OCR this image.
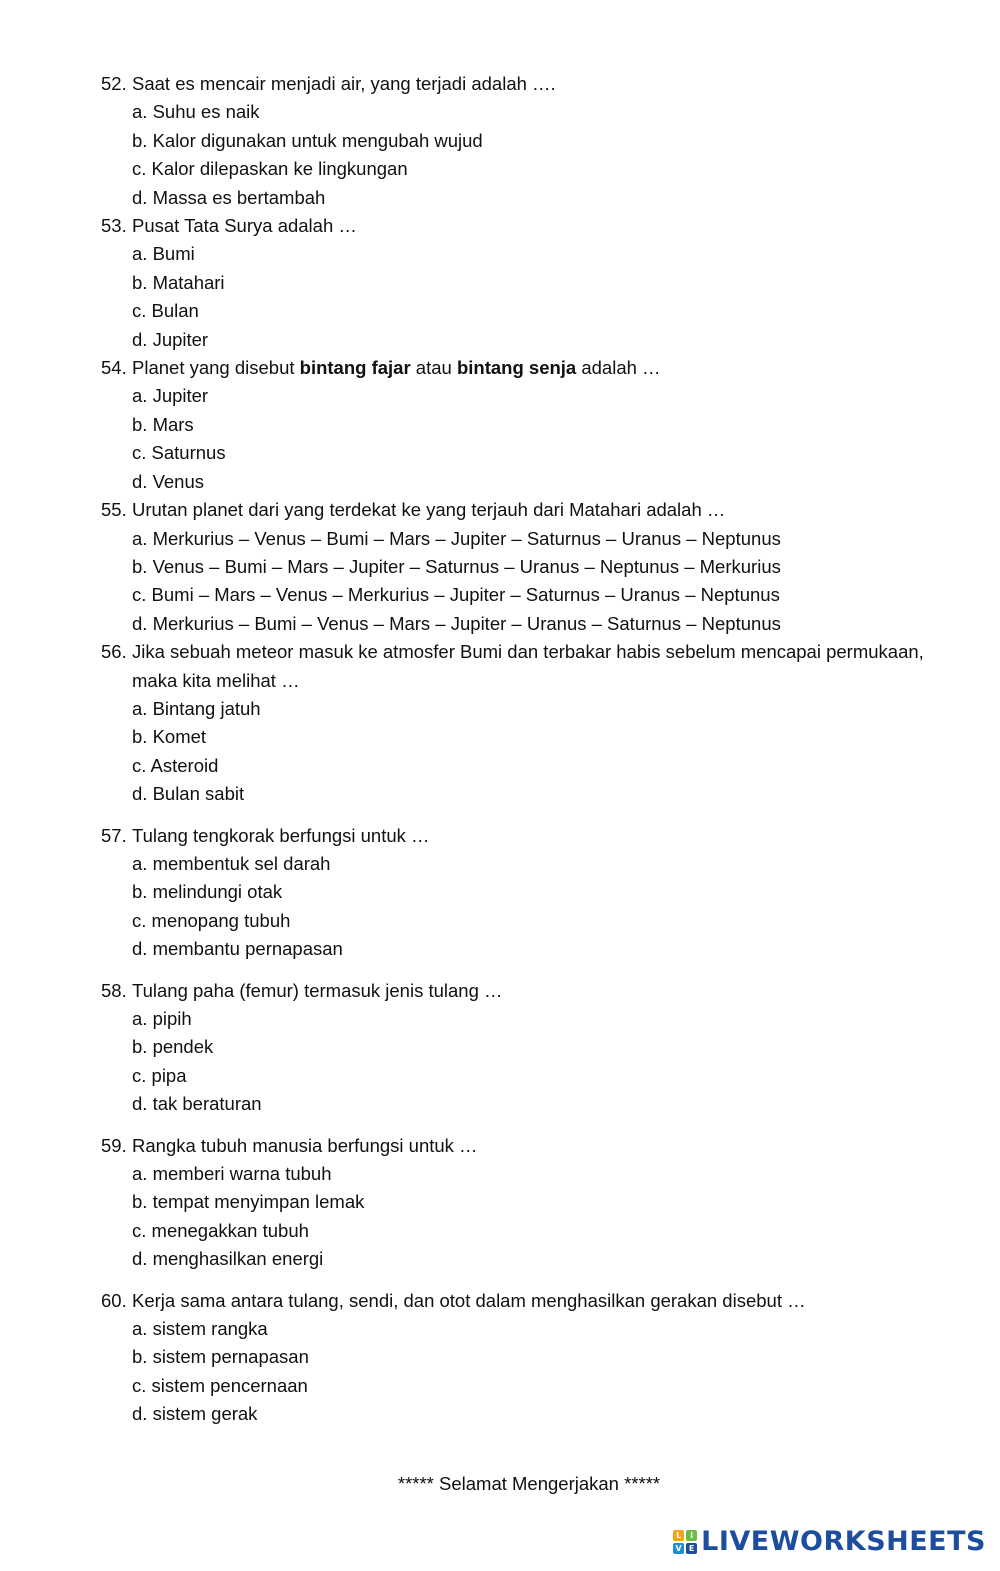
52. Saat es mencair menjadi air, yang terjadi adalah ….
a. Suhu es naik
b. Kalor digunakan untuk mengubah wujud
c. Kalor dilepaskan ke lingkungan
d. Massa es bertambah
53. Pusat Tata Surya adalah …
a. Bumi
b. Matahari
c. Bulan
d. Jupiter
54. Planet yang disebut bintang fajar atau bintang senja adalah …
a. Jupiter
b. Mars
c. Saturnus
d. Venus
55. Urutan planet dari yang terdekat ke yang terjauh dari Matahari adalah …
a. Merkurius – Venus – Bumi – Mars – Jupiter – Saturnus – Uranus – Neptunus
b. Venus – Bumi – Mars – Jupiter – Saturnus – Uranus – Neptunus – Merkurius
c. Bumi – Mars – Venus – Merkurius – Jupiter – Saturnus – Uranus – Neptunus
d. Merkurius – Bumi – Venus – Mars – Jupiter – Uranus – Saturnus – Neptunus
56. Jika sebuah meteor masuk ke atmosfer Bumi dan terbakar habis sebelum mencapai permukaan,
maka kita melihat …
a. Bintang jatuh
b. Komet
c. Asteroid
d. Bulan sabit
57. Tulang tengkorak berfungsi untuk …
a. membentuk sel darah
b. melindungi otak
c. menopang tubuh
d. membantu pernapasan
58. Tulang paha (femur) termasuk jenis tulang …
a. pipih
b. pendek
c. pipa
d. tak beraturan
59. Rangka tubuh manusia berfungsi untuk …
a. memberi warna tubuh
b. tempat menyimpan lemak
c. menegakkan tubuh
d. menghasilkan energi
60. Kerja sama antara tulang, sendi, dan otot dalam menghasilkan gerakan disebut …
a. sistem rangka
b. sistem pernapasan
c. sistem pencernaan
d. sistem gerak
***** Selamat Mengerjakan *****
L	I
V E LIVEWORKSHEETS
